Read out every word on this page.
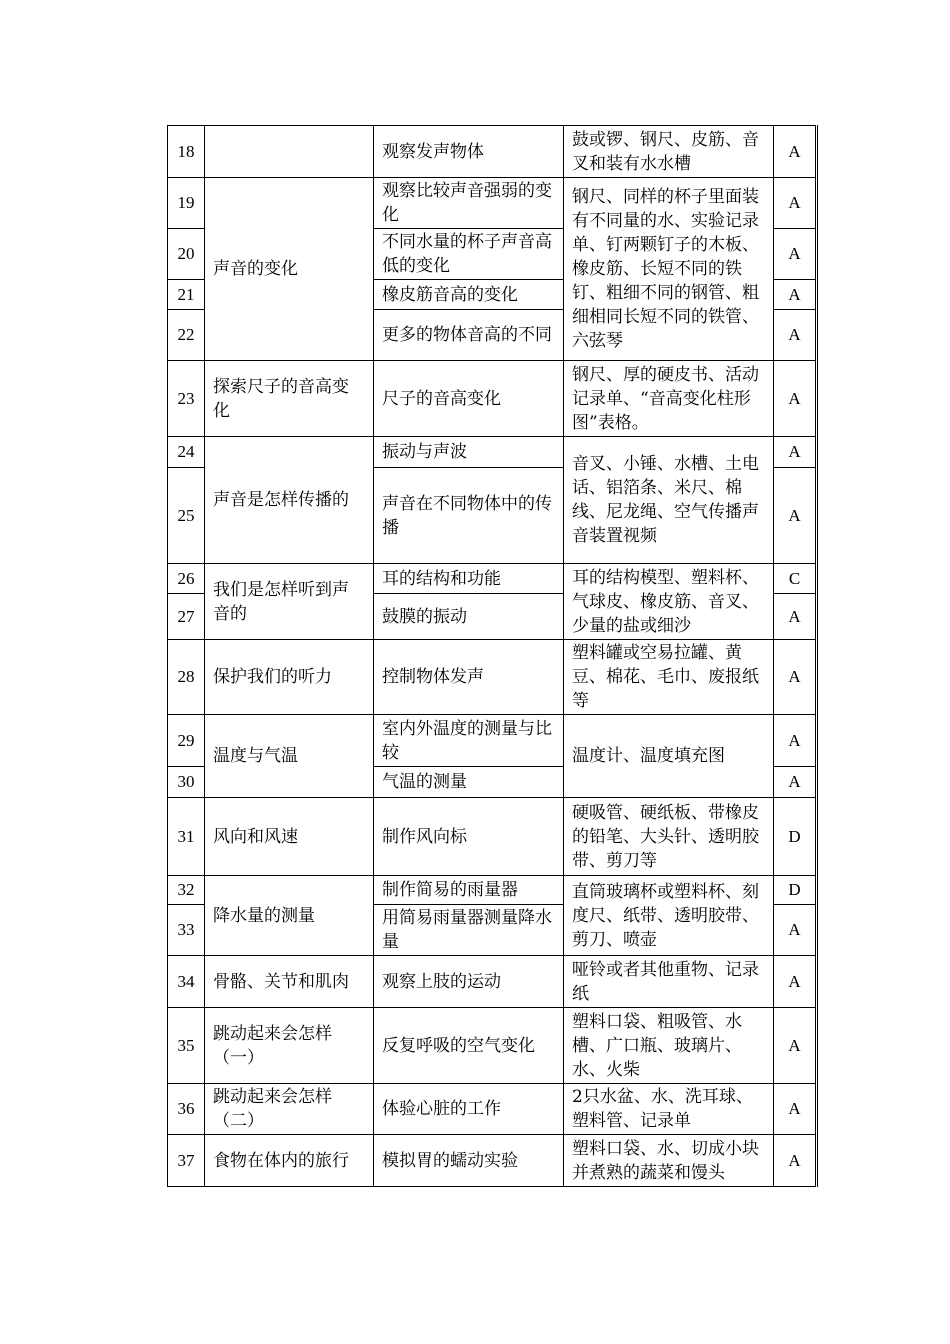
18		观察发声物体	鼓或锣、钢尺、皮筋、音叉和装有水水槽	A
19	声音的变化	观察比较声音强弱的变化	钢尺、同样的杯子里面装有不同量的水、实验记录单、钉两颗钉子的木板、橡皮筋、长短不同的铁钉、粗细不同的钢管、粗细相同长短不同的铁管、六弦琴	A
20		不同水量的杯子声音高低的变化		A
21		橡皮筋音高的变化		A
22		更多的物体音高的不同		A
23	探索尺子的音高变化	尺子的音高变化	钢尺、厚的硬皮书、活动记录单、“音高变化柱形图”表格。	A
24	声音是怎样传播的	振动与声波	音叉、小锤、水槽、土电话、铝箔条、米尺、棉线、尼龙绳、空气传播声音装置视频	A
25		声音在不同物体中的传播		A
26	我们是怎样听到声音的	耳的结构和功能	耳的结构模型、塑料杯、气球皮、橡皮筋、音叉、少量的盐或细沙	C
27		鼓膜的振动		A
28	保护我们的听力	控制物体发声	塑料罐或空易拉罐、黄豆、棉花、毛巾、废报纸等	A
29	温度与气温	室内外温度的测量与比较	温度计、温度填充图	A
30		气温的测量		A
31	风向和风速	制作风向标	硬吸管、硬纸板、带橡皮的铅笔、大头针、透明胶带、剪刀等	D
32	降水量的测量	制作简易的雨量器	直筒玻璃杯或塑料杯、刻度尺、纸带、透明胶带、剪刀、喷壶	D
33		用简易雨量器测量降水量		A
34	骨骼、关节和肌肉	观察上肢的运动	哑铃或者其他重物、记录纸	A
35	跳动起来会怎样（一）	反复呼吸的空气变化	塑料口袋、粗吸管、水槽、广口瓶、玻璃片、水、火柴	A
36	跳动起来会怎样（二）	体验心脏的工作	2只水盆、水、洗耳球、塑料管、记录单	A
37	食物在体内的旅行	模拟胃的蠕动实验	塑料口袋、水、切成小块并煮熟的蔬菜和馒头	A
